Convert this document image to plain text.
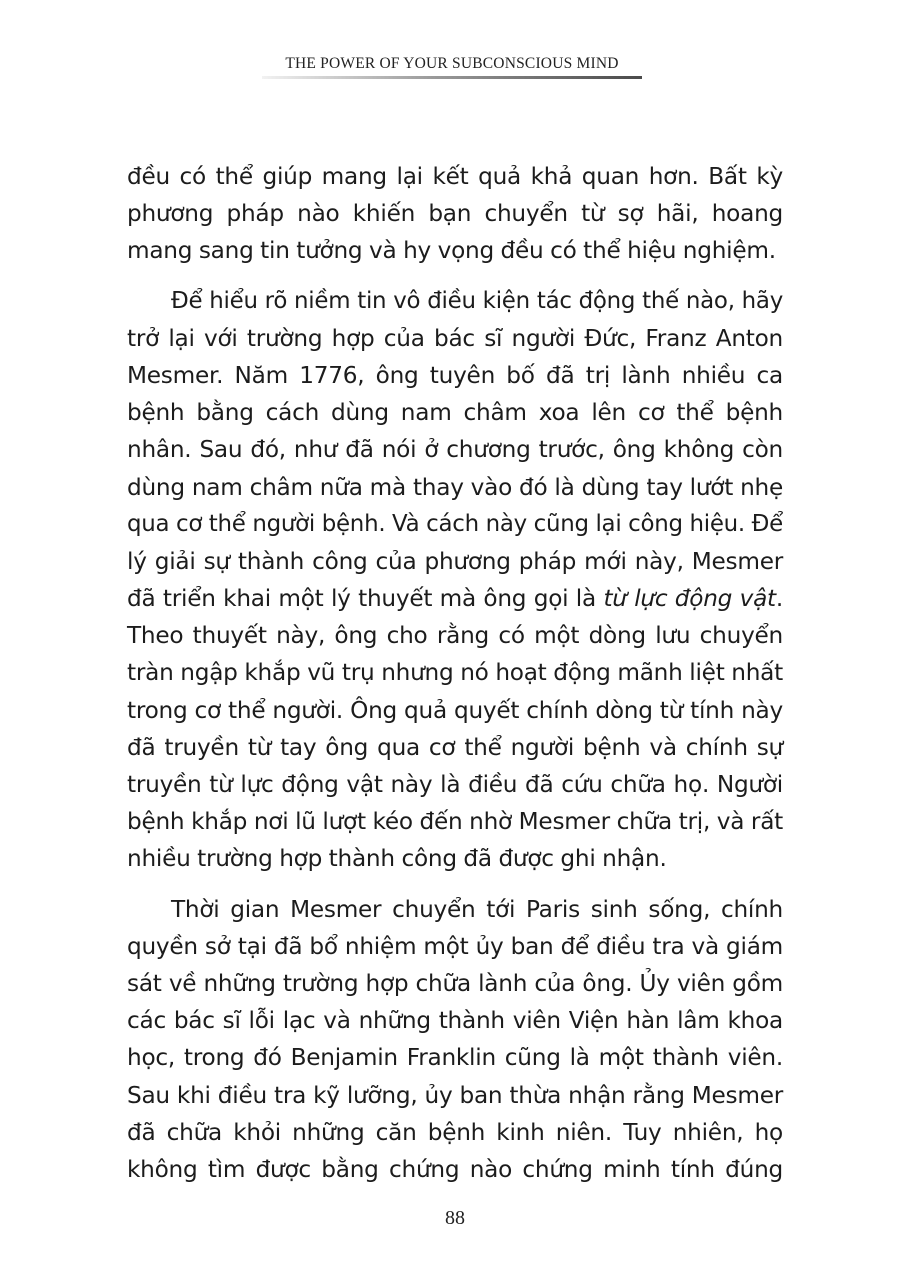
THE POWER OF YOUR SUBCONSCIOUS MIND
đều có thể giúp mang lại kết quả khả quan hơn. Bất kỳ
phương pháp nào khiến bạn chuyển từ sợ hãi, hoang
mang sang tin tưởng và hy vọng đều có thể hiệu nghiệm.
Để hiểu rõ niềm tin vô điều kiện tác động thế nào, hãy
trở lại với trường hợp của bác sĩ người Đức, Franz Anton
Mesmer. Năm 1776, ông tuyên bố đã trị lành nhiều ca
bệnh bằng cách dùng nam châm xoa lên cơ thể bệnh
nhân. Sau đó, như đã nói ở chương trước, ông không còn
dùng nam châm nữa mà thay vào đó là dùng tay lướt nhẹ
qua cơ thể người bệnh. Và cách này cũng lại công hiệu. Để
lý giải sự thành công của phương pháp mới này, Mesmer
đã triển khai một lý thuyết mà ông gọi là từ lực động vật.
Theo thuyết này, ông cho rằng có một dòng lưu chuyển
tràn ngập khắp vũ trụ nhưng nó hoạt động mãnh liệt nhất
trong cơ thể người. Ông quả quyết chính dòng từ tính này
đã truyền từ tay ông qua cơ thể người bệnh và chính sự
truyền từ lực động vật này là điều đã cứu chữa họ. Người
bệnh khắp nơi lũ lượt kéo đến nhờ Mesmer chữa trị, và rất
nhiều trường hợp thành công đã được ghi nhận.
Thời gian Mesmer chuyển tới Paris sinh sống, chính
quyền sở tại đã bổ nhiệm một ủy ban để điều tra và giám
sát về những trường hợp chữa lành của ông. Ủy viên gồm
các bác sĩ lỗi lạc và những thành viên Viện hàn lâm khoa
học, trong đó Benjamin Franklin cũng là một thành viên.
Sau khi điều tra kỹ lưỡng, ủy ban thừa nhận rằng Mesmer
đã chữa khỏi những căn bệnh kinh niên. Tuy nhiên, họ
không tìm được bằng chứng nào chứng minh tính đúng
88
